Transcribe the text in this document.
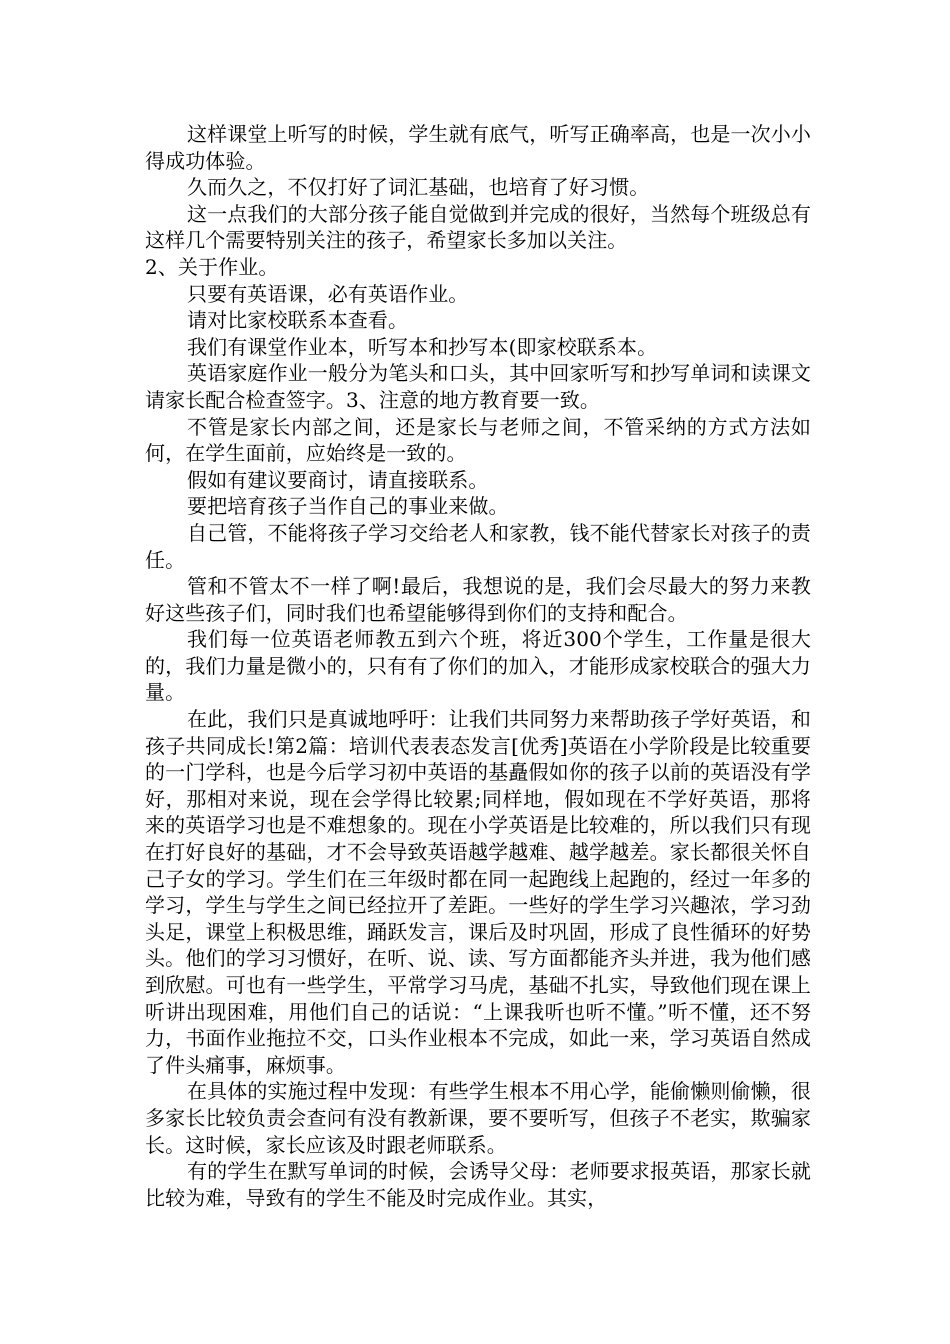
这样课堂上听写的时候，学生就有底气，听写正确率高，也是一次小小得成功体验。

久而久之，不仅打好了词汇基础，也培育了好习惯。

这一点我们的大部分孩子能自觉做到并完成的很好，当然每个班级总有这样几个需要特别关注的孩子，希望家长多加以关注。

2、关于作业。

只要有英语课，必有英语作业。

请对比家校联系本查看。

我们有课堂作业本，听写本和抄写本(即家校联系本。

英语家庭作业一般分为笔头和口头，其中回家听写和抄写单词和读课文请家长配合检查签字。3、注意的地方教育要一致。

不管是家长内部之间，还是家长与老师之间，不管采纳的方式方法如何，在学生面前，应始终是一致的。

假如有建议要商讨，请直接联系。

要把培育孩子当作自己的事业来做。

自己管，不能将孩子学习交给老人和家教，钱不能代替家长对孩子的责任。

管和不管太不一样了啊!最后，我想说的是，我们会尽最大的努力来教好这些孩子们，同时我们也希望能够得到你们的支持和配合。

我们每一位英语老师教五到六个班，将近300个学生，工作量是很大的，我们力量是微小的，只有有了你们的加入，才能形成家校联合的强大力量。

在此，我们只是真诚地呼吁：让我们共同努力来帮助孩子学好英语，和孩子共同成长!第2篇：培训代表表态发言[优秀]英语在小学阶段是比较重要的一门学科，也是今后学习初中英语的基矗假如你的孩子以前的英语没有学好，那相对来说，现在会学得比较累;同样地，假如现在不学好英语，那将来的英语学习也是不难想象的。现在小学英语是比较难的，所以我们只有现在打好良好的基础，才不会导致英语越学越难、越学越差。家长都很关怀自己子女的学习。学生们在三年级时都在同一起跑线上起跑的，经过一年多的学习，学生与学生之间已经拉开了差距。一些好的学生学习兴趣浓，学习劲头足，课堂上积极思维，踊跃发言，课后及时巩固，形成了良性循环的好势头。他们的学习习惯好，在听、说、读、写方面都能齐头并进，我为他们感到欣慰。可也有一些学生，平常学习马虎，基础不扎实，导致他们现在课上听讲出现困难，用他们自己的话说：“上课我听也听不懂。”听不懂，还不努力，书面作业拖拉不交，口头作业根本不完成，如此一来，学习英语自然成了件头痛事，麻烦事。

在具体的实施过程中发现：有些学生根本不用心学，能偷懒则偷懒，很多家长比较负责会查问有没有教新课，要不要听写，但孩子不老实，欺骗家长。这时候，家长应该及时跟老师联系。

有的学生在默写单词的时候，会诱导父母：老师要求报英语，那家长就比较为难，导致有的学生不能及时完成作业。其实，
